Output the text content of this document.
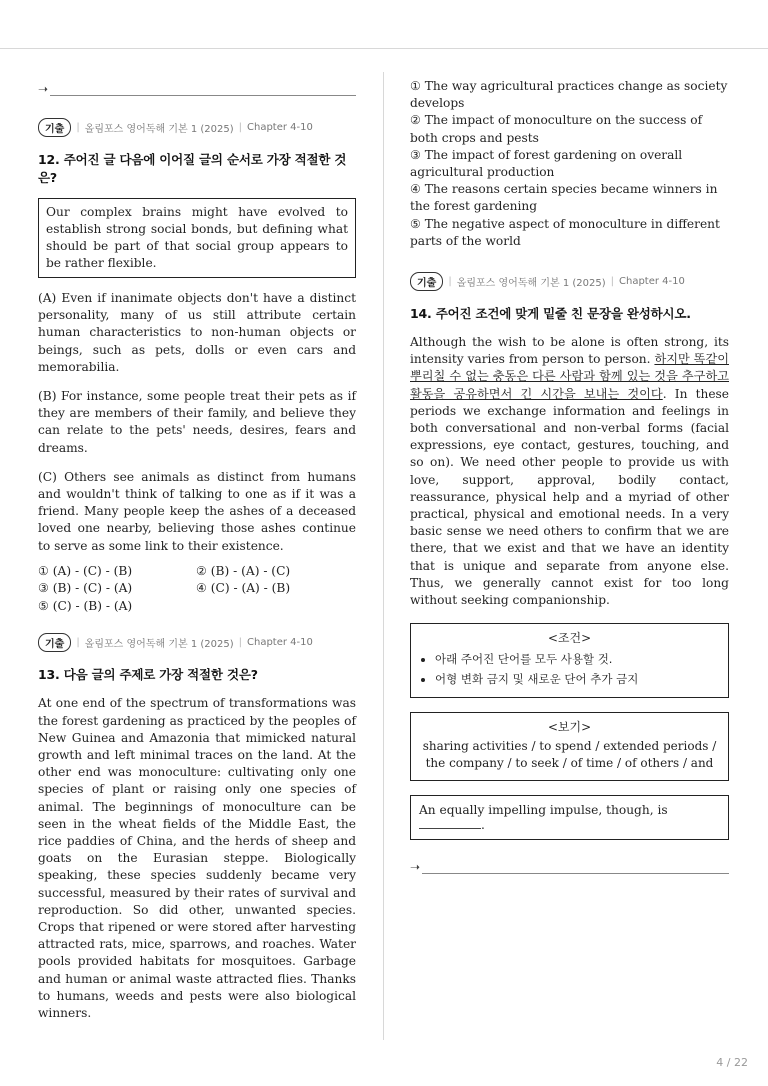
➝
기출	| 올림포스 영어독해 기본 1 (2025) | Chapter 4-10
12. 주어진 글 다음에 이어질 글의 순서로 가장 적절한 것은?
Our complex brains might have evolved to establish strong social bonds, but defining what should be part of that social group appears to be rather flexible.

(A) Even if inanimate objects don't have a distinct personality, many of us still attribute certain human characteristics to non-human objects or beings, such as pets, dolls or even cars and memorabilia.

(B) For instance, some people treat their pets as if they are members of their family, and believe they can relate to the pets' needs, desires, fears and dreams.

(C) Others see animals as distinct from humans and wouldn't think of talking to one as if it was a friend. Many people keep the ashes of a deceased loved one nearby, believing those ashes continue to serve as some link to their existence.

① (A) - (C) - (B)	② (B) - (A) - (C)
③ (B) - (C) - (A)	④ (C) - (A) - (B)
⑤ (C) - (B) - (A)
기출	| 올림포스 영어독해 기본 1 (2025) | Chapter 4-10
13. 다음 글의 주제로 가장 적절한 것은?

At one end of the spectrum of transformations was the forest gardening as practiced by the peoples of New Guinea and Amazonia that mimicked natural growth and left minimal traces on the land. At the other end was monoculture: cultivating only one species of plant or raising only one species of animal. The beginnings of monoculture can be seen in the wheat fields of the Middle East, the rice paddies of China, and the herds of sheep and goats on the Eurasian steppe. Biologically speaking, these species suddenly became very successful, measured by their rates of survival and reproduction. So did other, unwanted species. Crops that ripened or were stored after harvesting attracted rats, mice, sparrows, and roaches. Water pools provided habitats for mosquitoes. Garbage and human or animal waste attracted flies. Thanks to humans, weeds and pests were also biological winners.

① The way agricultural practices change as society develops
② The impact of monoculture on the success of both crops and pests
③ The impact of forest gardening on overall agricultural production
④ The reasons certain species became winners in the forest gardening
⑤ The negative aspect of monoculture in different parts of the world
기출	| 올림포스 영어독해 기본 1 (2025) | Chapter 4-10
14. 주어진 조건에 맞게 밑줄 친 문장을 완성하시오.

Although the wish to be alone is often strong, its intensity varies from person to person. 하지만 똑같이 뿌리칠 수 없는 충동은 다른 사람과 함께 있는 것을 추구하고 활동을 공유하면서 긴 시간을 보내는 것이다. In these periods we exchange information and feelings in both conversational and non-verbal forms (facial expressions, eye contact, gestures, touching, and so on). We need other people to provide us with love, support, approval, bodily contact, reassurance, physical help and a myriad of other practical, physical and emotional needs. In a very basic sense we need others to confirm that we are there, that we exist and that we have an identity that is unique and separate from anyone else. Thus, we generally cannot exist for too long without seeking companionship.

<조건>
• 아래 주어진 단어를 모두 사용할 것.
• 어형 변화 금지 및 새로운 단어 추가 금지
<보기>
sharing activities / to spend / extended periods / the company / to seek / of time / of others / and
An equally impelling impulse, though, is .
➝
4 / 22
